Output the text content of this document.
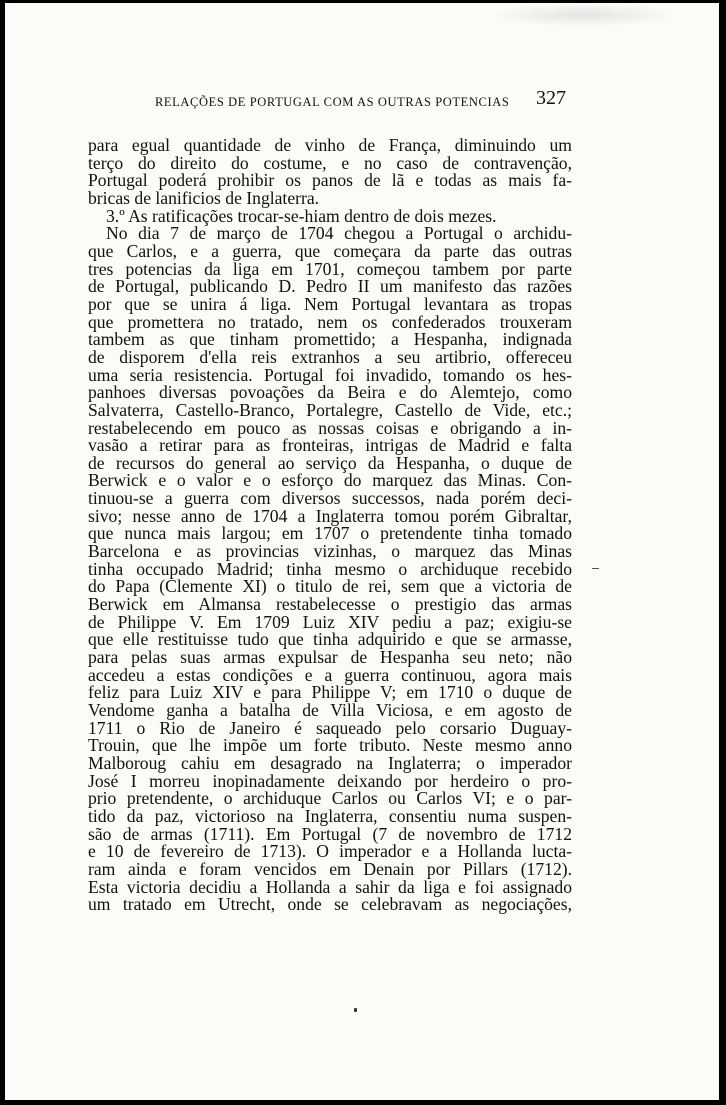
RELAÇÕES DE PORTUGAL COM AS OUTRAS POTENCIAS	327
para egual quantidade de vinho de França, diminuindo um
terço do direito do costume, e no caso de contravenção,
Portugal poderá prohibir os panos de lã e todas as mais fa-
bricas de lanificios de Inglaterra.
3.º As ratificações trocar-se-hiam dentro de dois mezes.
No dia 7 de março de 1704 chegou a Portugal o archidu-
que Carlos, e a guerra, que começara da parte das outras
tres potencias da liga em 1701, começou tambem por parte
de Portugal, publicando D. Pedro II um manifesto das razões
por que se unira á liga. Nem Portugal levantara as tropas
que promettera no tratado, nem os confederados trouxeram
tambem as que tinham promettido; a Hespanha, indignada
de disporem d'ella reis extranhos a seu artibrio, offereceu
uma seria resistencia. Portugal foi invadido, tomando os hes-
panhoes diversas povoações da Beira e do Alemtejo, como
Salvaterra, Castello-Branco, Portalegre, Castello de Vide, etc.;
restabelecendo em pouco as nossas coisas e obrigando a in-
vasão a retirar para as fronteiras, intrigas de Madrid e falta
de recursos do general ao serviço da Hespanha, o duque de
Berwick e o valor e o esforço do marquez das Minas. Con-
tinuou-se a guerra com diversos successos, nada porém deci-
sivo; nesse anno de 1704 a Inglaterra tomou porém Gibraltar,
que nunca mais largou; em 1707 o pretendente tinha tomado
Barcelona e as provincias vizinhas, o marquez das Minas
tinha occupado Madrid; tinha mesmo o archiduque recebido
do Papa (Clemente XI) o titulo de rei, sem que a victoria de
Berwick em Almansa restabelecesse o prestigio das armas
de Philippe V. Em 1709 Luiz XIV pediu a paz; exigiu-se
que elle restituisse tudo que tinha adquirido e que se armasse,
para pelas suas armas expulsar de Hespanha seu neto; não
accedeu a estas condições e a guerra continuou, agora mais
feliz para Luiz XIV e para Philippe V; em 1710 o duque de
Vendome ganha a batalha de Villa Viciosa, e em agosto de
1711 o Rio de Janeiro é saqueado pelo corsario Duguay-
Trouin, que lhe impõe um forte tributo. Neste mesmo anno
Malboroug cahiu em desagrado na Inglaterra; o imperador
José I morreu inopinadamente deixando por herdeiro o pro-
prio pretendente, o archiduque Carlos ou Carlos VI; e o par-
tido da paz, victorioso na Inglaterra, consentiu numa suspen-
são de armas (1711). Em Portugal (7 de novembro de 1712
e 10 de fevereiro de 1713). O imperador e a Hollanda lucta-
ram ainda e foram vencidos em Denain por Pillars (1712).
Esta victoria decidiu a Hollanda a sahir da liga e foi assignado
um tratado em Utrecht, onde se celebravam as negociações,
